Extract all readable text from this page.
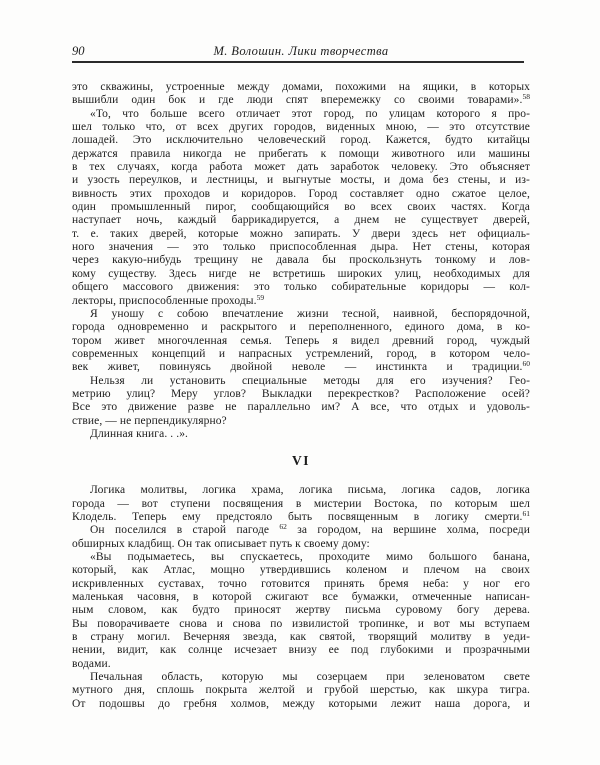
90	М. Волошин. Лики творчества
это скважины, устроенные между домами, похожими на ящики, в которых
вышибли один бок и где люди спят вперемежку со своими товарами».$^{58}$
«То, что больше всего отличает этот город, по улицам которого я про-
шел только что, от всех других городов, виденных мною, — это отсутствие
лошадей. Это исключительно человеческий город. Кажется, будто китайцы
держатся правила никогда не прибегать к помощи животного или машины
в тех случаях, когда работа может дать заработок человеку. Это объясняет
и узость переулков, и лестницы, и выгнутые мосты, и дома без стены, и из-
вивность этих проходов и коридоров. Город составляет одно сжатое целое,
один промышленный пирог, сообщающийся во всех своих частях. Когда
наступает ночь, каждый баррикадируется, а днем не существует дверей,
т. е. таких дверей, которые можно запирать. У двери здесь нет официаль-
ного значения — это только приспособленная дыра. Нет стены, которая
через какую-нибудь трещину не давала бы проскользнуть тонкому и лов-
кому существу. Здесь нигде не встретишь широких улиц, необходимых для
общего массового движения: это только собирательные коридоры — кол-
лекторы, приспособленные проходы.$^{59}$
Я уношу с собою впечатление жизни тесной, наивной, беспорядочной,
города одновременно и раскрытого и переполненного, единого дома, в ко-
тором живет многочленная семья. Теперь я видел древний город, чуждый
современных концепций и напрасных устремлений, город, в котором чело-
век живет, повинуясь двойной неволе — инстинкта и традиции.$^{60}$
Нельзя ли установить специальные методы для его изучения? Гео-
метрию улиц? Меру углов? Выкладки перекрестков? Расположение осей?
Все это движение разве не параллельно им? А все, что отдых и удоволь-
ствие, — не перпендикулярно?
Длинная книга. . .».
VI
Логика молитвы, логика храма, логика письма, логика садов, логика
города — вот ступени посвящения в мистерии Востока, по которым шел
Клодель. Теперь ему предстояло быть посвященным в логику смерти.$^{61}$
Он поселился в старой пагоде $^{62}$ за городом, на вершине холма, посреди
обширных кладбищ. Он так описывает путь к своему дому:
«Вы подымаетесь, вы спускаетесь, проходите мимо большого банана,
который, как Атлас, мощно утвердившись коленом и плечом на своих
искривленных суставах, точно готовится принять бремя неба: у ног его
маленькая часовня, в которой сжигают все бумажки, отмеченные написан-
ным словом, как будто приносят жертву письма суровому богу дерева.
Вы поворачиваете снова и снова по извилистой тропинке, и вот мы вступаем
в страну могил. Вечерняя звезда, как святой, творящий молитву в уеди-
нении, видит, как солнце исчезает внизу ее под глубокими и прозрачными
водами.
Печальная область, которую мы созерцаем при зеленоватом свете
мутного дня, сплошь покрыта желтой и грубой шерстью, как шкура тигра.
От подошвы до гребня холмов, между которыми лежит наша дорога, и
